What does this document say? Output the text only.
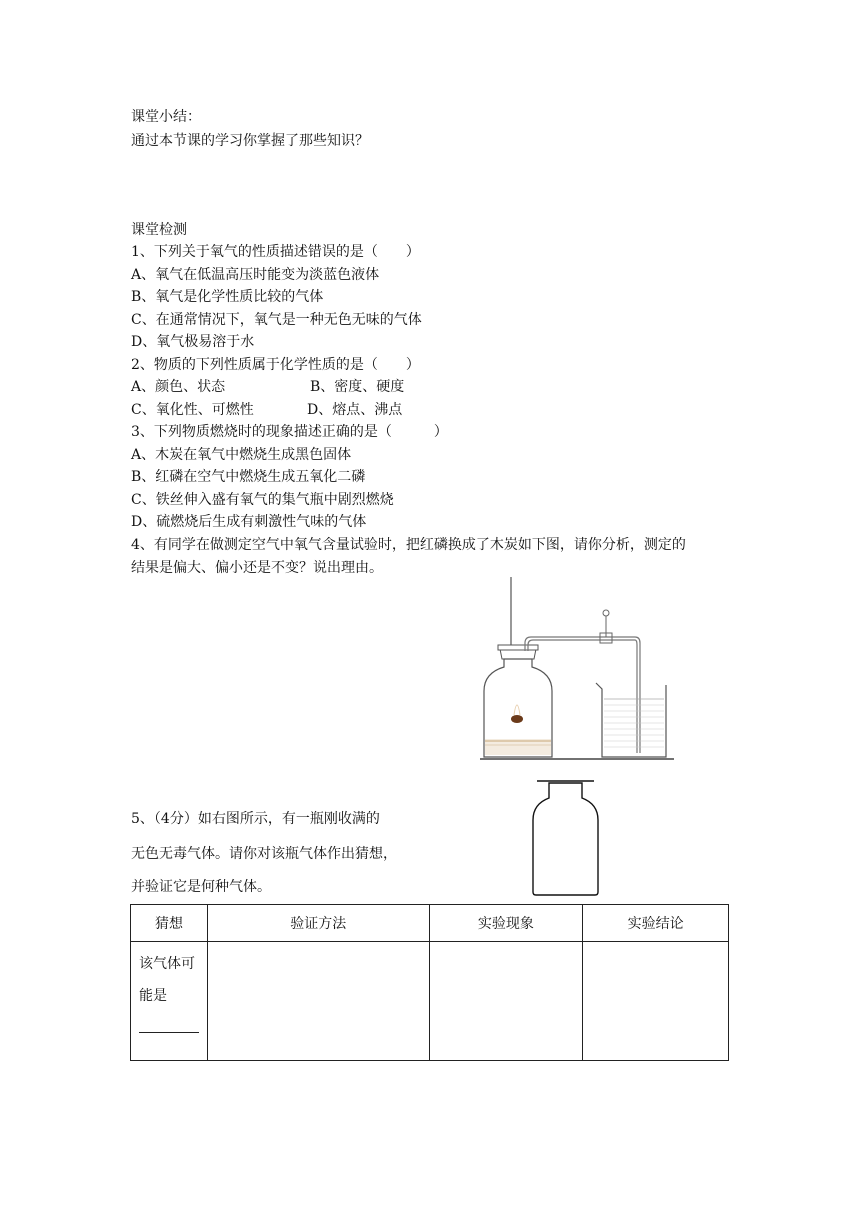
课堂小结：
通过本节课的学习你掌握了那些知识？
课堂检测
1、下列关于氧气的性质描述错误的是（　　）
A、氧气在低温高压时能变为淡蓝色液体
B、氧气是化学性质比较的气体
C、在通常情况下，氧气是一种无色无味的气体
D、氧气极易溶于水
2、物质的下列性质属于化学性质的是（　　）
A、颜色、状态	B、密度、硬度
C、氧化性、可燃性	D、熔点、沸点
3、下列物质燃烧时的现象描述正确的是（　　　）
A、木炭在氧气中燃烧生成黑色固体
B、红磷在空气中燃烧生成五氧化二磷
C、铁丝伸入盛有氧气的集气瓶中剧烈燃烧
D、硫燃烧后生成有刺激性气味的气体
4、有同学在做测定空气中氧气含量试验时，把红磷换成了木炭如下图，请你分析，测定的
结果是偏大、偏小还是不变？说出理由。
5、（4分）如右图所示，有一瓶刚收满的
无色无毒气体。请你对该瓶气体作出猜想，
并验证它是何种气体。
猜想	验证方法	实验现象	实验结论

该气体可
能是			
